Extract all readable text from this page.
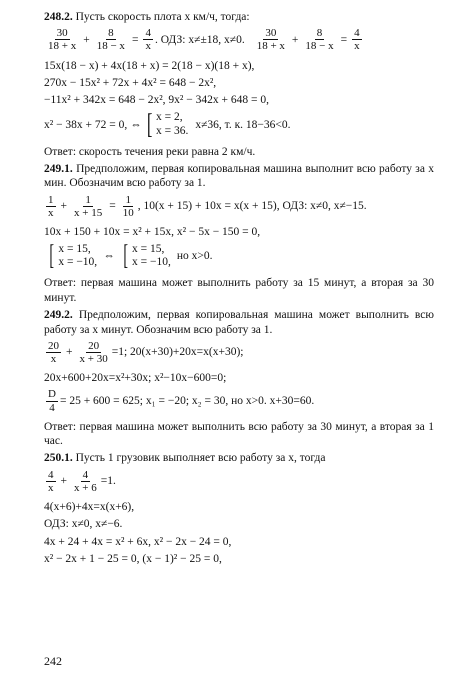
248.2. Пусть скорость плота x км/ч, тогда:
$\frac{30}{18 + x} + \frac{8}{18 - x} = \frac{4}{x}$ . ОДЗ: x≠±18, x≠0. $\frac{30}{18 + x} + \frac{8}{18 - x} = \frac{4}{x}$
15x(18 − x) + 4x(18 + x) = 2(18 − x)(18 + x),
270x − 15x² + 72x + 4x² = 648 − 2x²,
−11x² + 342x = 648 − 2x², 9x² − 342x + 648 = 0,
x² − 38x + 72 = 0, ⇔ [ x = 2,
x = 36.
x≠36, т. к. 18−36<0.
Ответ: скорость течения реки равна 2 км/ч.
249.1. Предположим, первая копировальная машина выполнит всю работу за x мин. Обозначим всю работу за 1.
$\frac{1}{x} + \frac{1}{x + 15} = \frac{1}{10}$ , 10(x + 15) + 10x = x(x + 15), ОДЗ: x≠0, x≠−15.
10x + 150 + 10x = x² + 15x, x² − 5x − 150 = 0,
[ x = 15,
x = −10,
⇔ [ x = 15,
x = −10,
но x>0.
Ответ: первая машина может выполнить работу за 15 минут, а вторая за 30 минут.
249.2. Предположим, первая копировальная машина может выполнить всю работу за x минут. Обозначим всю работу за 1.
$\frac{20}{x} + \frac{20}{x + 30} =1$; 20(x+30)+20x=x(x+30);
20x+600+20x=x²+30x; x²−10x−600=0;
$\frac{D}{4} = 25 + 600 = 625$; x₁ = −20; x₂ = 30, но x>0. x+30=60.
Ответ: первая машина может выполнить всю работу за 30 минут, а вторая за 1 час.
250.1. Пусть 1 грузовик выполняет всю работу за x, тогда
$\frac{4}{x} + \frac{4}{x + 6} =1$.
4(x+6)+4x=x(x+6),
ОДЗ: x≠0, x≠−6.
4x + 24 + 4x = x² + 6x, x² − 2x − 24 = 0,
x² − 2x + 1 − 25 = 0, (x − 1)² − 25 = 0,
242
